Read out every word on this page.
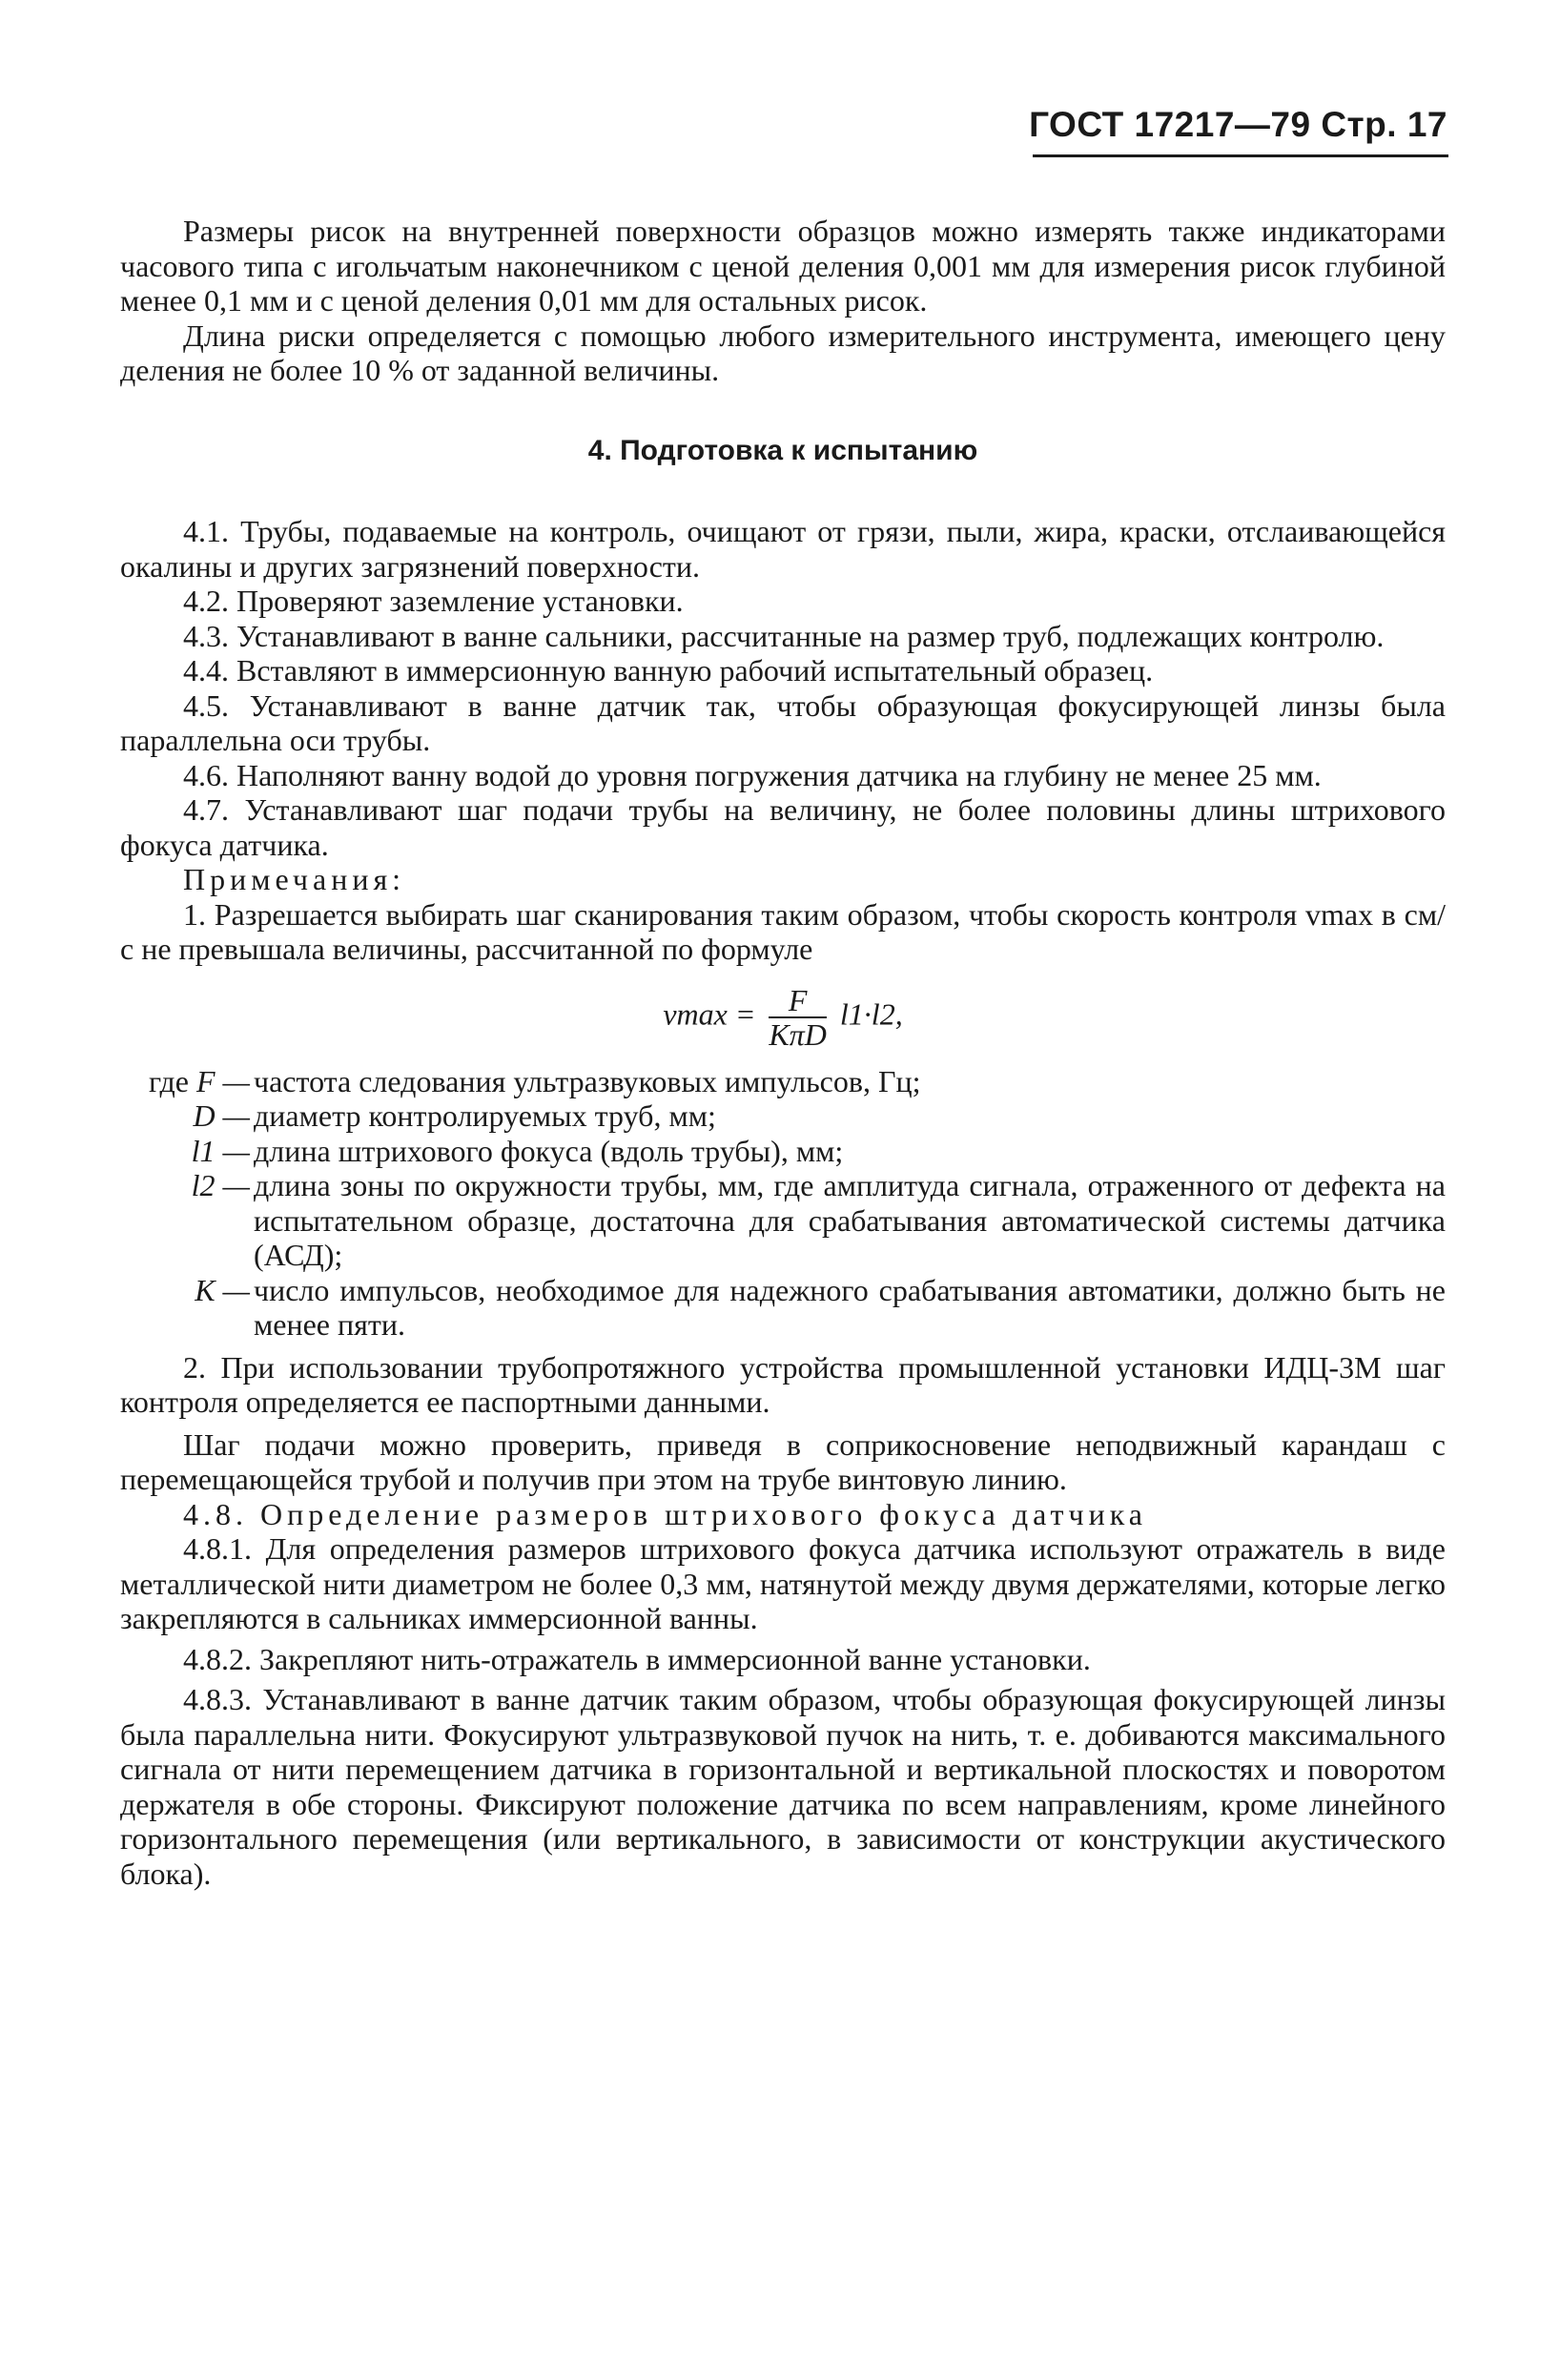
ГОСТ 17217—79 Стр. 17

Размеры рисок на внутренней поверхности образцов можно измерять также индикаторами часового типа с игольчатым наконечником с ценой деления 0,001 мм для измерения рисок глубиной менее 0,1 мм и с ценой деления 0,01 мм для остальных рисок.

Длина риски определяется с помощью любого измерительного инструмента, имеющего цену деления не более 10 % от заданной величины.

4. Подготовка к испытанию

4.1. Трубы, подаваемые на контроль, очищают от грязи, пыли, жира, краски, отслаивающейся окалины и других загрязнений поверхности.

4.2. Проверяют заземление установки.

4.3. Устанавливают в ванне сальники, рассчитанные на размер труб, подлежащих контролю.

4.4. Вставляют в иммерсионную ванную рабочий испытательный образец.

4.5. Устанавливают в ванне датчик так, чтобы образующая фокусирующей линзы была параллельна оси трубы.

4.6. Наполняют ванну водой до уровня погружения датчика на глубину не менее 25 мм.

4.7. Устанавливают шаг подачи трубы на величину, не более половины длины штрихового фокуса датчика.

Примечания:

1. Разрешается выбирать шаг сканирования таким образом, чтобы скорость контроля vmax в см/с не превышала величины, рассчитанной по формуле

$vmax = \frac{F}{\text{KπD}} l1\cdot l2$,
где F — частота следования ультразвуковых импульсов, Гц;
D — диаметр контролируемых труб, мм;
l1 — длина штрихового фокуса (вдоль трубы), мм;
l2 — длина зоны по окружности трубы, мм, где амплитуда сигнала, отраженного от дефекта на испытательном образце, достаточна для срабатывания автоматической системы датчика (АСД);
K — число импульсов, необходимое для надежного срабатывания автоматики, должно быть не менее пяти.

2. При использовании трубопротяжного устройства промышленной установки ИДЦ-3М шаг контроля определяется ее паспортными данными.

Шаг подачи можно проверить, приведя в соприкосновение неподвижный карандаш с перемещающейся трубой и получив при этом на трубе винтовую линию.

4.8. Определение размеров штрихового фокуса датчика

4.8.1. Для определения размеров штрихового фокуса датчика используют отражатель в виде металлической нити диаметром не более 0,3 мм, натянутой между двумя держателями, которые легко закрепляются в сальниках иммерсионной ванны.

4.8.2. Закрепляют нить-отражатель в иммерсионной ванне установки.

4.8.3. Устанавливают в ванне датчик таким образом, чтобы образующая фокусирующей линзы была параллельна нити. Фокусируют ультразвуковой пучок на нить, т. е. добиваются максимального сигнала от нити перемещением датчика в горизонтальной и вертикальной плоскостях и поворотом держателя в обе стороны. Фиксируют положение датчика по всем направлениям, кроме линейного горизонтального перемещения (или вертикального, в зависимости от конструкции акустического блока).
